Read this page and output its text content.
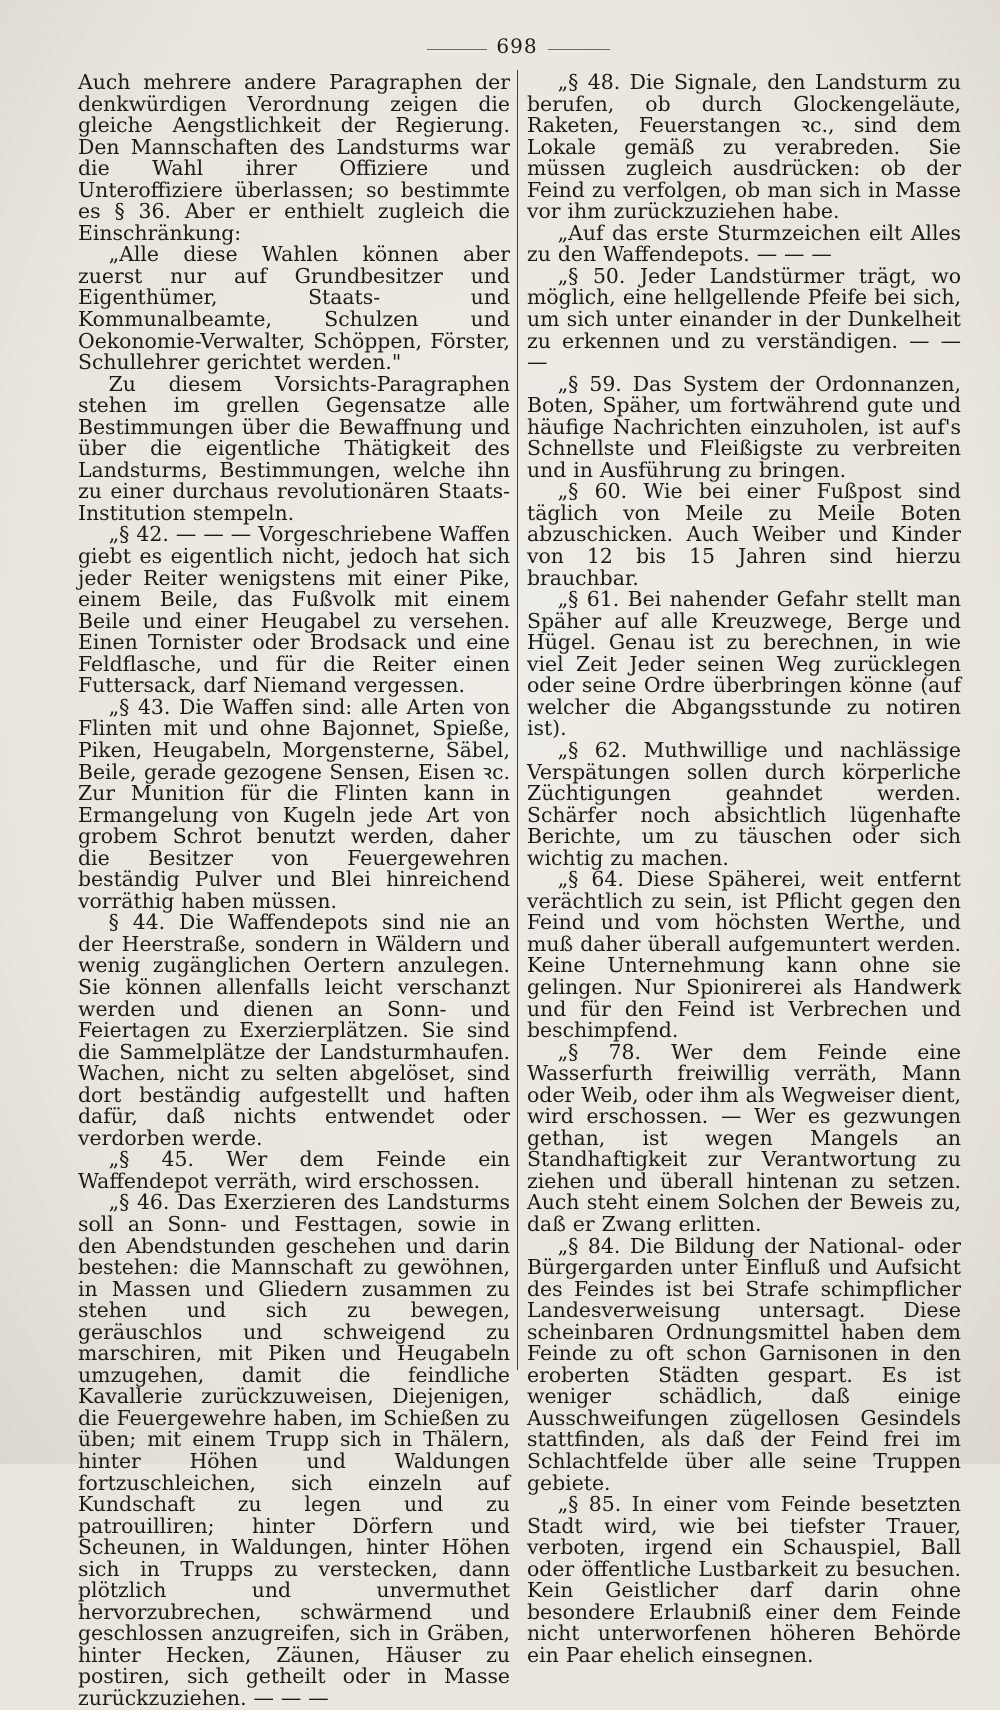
698

Auch mehrere andere Paragraphen der denkwürdigen Verordnung zeigen die gleiche Aengstlichkeit der Regierung. Den Mannschaften des Landsturms war die Wahl ihrer Offiziere und Unteroffiziere überlassen; so bestimmte es § 36. Aber er enthielt zugleich die Einschränkung:

„Alle diese Wahlen können aber zuerst nur auf Grundbesitzer und Eigenthümer, Staats- und Kommunalbeamte, Schulzen und Oekonomie-Verwalter, Schöppen, Förster, Schullehrer gerichtet werden."

Zu diesem Vorsichts-Paragraphen stehen im grellen Gegensatze alle Bestimmungen über die Bewaffnung und über die eigentliche Thätigkeit des Landsturms, Bestimmungen, welche ihn zu einer durchaus revolutionären Staats-Institution stempeln.

„§ 42. — — — Vorgeschriebene Waffen giebt es eigentlich nicht, jedoch hat sich jeder Reiter wenigstens mit einer Pike, einem Beile, das Fußvolk mit einem Beile und einer Heugabel zu versehen. Einen Tornister oder Brodsack und eine Feldflasche, und für die Reiter einen Futtersack, darf Niemand vergessen.

„§ 43. Die Waffen sind: alle Arten von Flinten mit und ohne Bajonnet, Spieße, Piken, Heugabeln, Morgensterne, Säbel, Beile, gerade gezogene Sensen, Eisen ꝛc. Zur Munition für die Flinten kann in Ermangelung von Kugeln jede Art von grobem Schrot benutzt werden, daher die Besitzer von Feuergewehren beständig Pulver und Blei hinreichend vorräthig haben müssen.

§ 44. Die Waffendepots sind nie an der Heerstraße, sondern in Wäldern und wenig zugänglichen Oertern anzulegen. Sie können allenfalls leicht verschanzt werden und dienen an Sonn- und Feiertagen zu Exerzierplätzen. Sie sind die Sammelplätze der Landsturmhaufen. Wachen, nicht zu selten abgelöset, sind dort beständig aufgestellt und haften dafür, daß nichts entwendet oder verdorben werde.

„§ 45. Wer dem Feinde ein Waffendepot verräth, wird erschossen.

„§ 46. Das Exerzieren des Landsturms soll an Sonn- und Festtagen, sowie in den Abendstunden geschehen und darin bestehen: die Mannschaft zu gewöhnen, in Massen und Gliedern zusammen zu stehen und sich zu bewegen, geräuschlos und schweigend zu marschiren, mit Piken und Heugabeln umzugehen, damit die feindliche Kavallerie zurückzuweisen, Diejenigen, die Feuergewehre haben, im Schießen zu üben; mit einem Trupp sich in Thälern, hinter Höhen und Waldungen fortzuschleichen, sich einzeln auf Kundschaft zu legen und zu patrouilliren; hinter Dörfern und Scheunen, in Waldungen, hinter Höhen sich in Trupps zu verstecken, dann plötzlich und unvermuthet hervorzubrechen, schwärmend und geschlossen anzugreifen, sich in Gräben, hinter Hecken, Zäunen, Häuser zu postiren, sich getheilt oder in Masse zurückzuziehen. — — —

„§ 48. Die Signale, den Landsturm zu berufen, ob durch Glockengeläute, Raketen, Feuerstangen ꝛc., sind dem Lokale gemäß zu verabreden. Sie müssen zugleich ausdrücken: ob der Feind zu verfolgen, ob man sich in Masse vor ihm zurückzuziehen habe.

„Auf das erste Sturmzeichen eilt Alles zu den Waffendepots. — — —

„§ 50. Jeder Landstürmer trägt, wo möglich, eine hellgellende Pfeife bei sich, um sich unter einander in der Dunkelheit zu erkennen und zu verständigen. — — —

„§ 59. Das System der Ordonnanzen, Boten, Späher, um fortwährend gute und häufige Nachrichten einzuholen, ist auf's Schnellste und Fleißigste zu verbreiten und in Ausführung zu bringen.

„§ 60. Wie bei einer Fußpost sind täglich von Meile zu Meile Boten abzuschicken. Auch Weiber und Kinder von 12 bis 15 Jahren sind hierzu brauchbar.

„§ 61. Bei nahender Gefahr stellt man Späher auf alle Kreuzwege, Berge und Hügel. Genau ist zu berechnen, in wie viel Zeit Jeder seinen Weg zurücklegen oder seine Ordre überbringen könne (auf welcher die Abgangsstunde zu notiren ist).

„§ 62. Muthwillige und nachlässige Verspätungen sollen durch körperliche Züchtigungen geahndet werden. Schärfer noch absichtlich lügenhafte Berichte, um zu täuschen oder sich wichtig zu machen.

„§ 64. Diese Späherei, weit entfernt verächtlich zu sein, ist Pflicht gegen den Feind und vom höchsten Werthe, und muß daher überall aufgemuntert werden. Keine Unternehmung kann ohne sie gelingen. Nur Spionirerei als Handwerk und für den Feind ist Verbrechen und beschimpfend.

„§ 78. Wer dem Feinde eine Wasserfurth freiwillig verräth, Mann oder Weib, oder ihm als Wegweiser dient, wird erschossen. — Wer es gezwungen gethan, ist wegen Mangels an Standhaftigkeit zur Verantwortung zu ziehen und überall hintenan zu setzen. Auch steht einem Solchen der Beweis zu, daß er Zwang erlitten.

„§ 84. Die Bildung der National- oder Bürgergarden unter Einfluß und Aufsicht des Feindes ist bei Strafe schimpflicher Landesverweisung untersagt. Diese scheinbaren Ordnungsmittel haben dem Feinde zu oft schon Garnisonen in den eroberten Städten gespart. Es ist weniger schädlich, daß einige Ausschweifungen zügellosen Gesindels stattfinden, als daß der Feind frei im Schlachtfelde über alle seine Truppen gebiete.

„§ 85. In einer vom Feinde besetzten Stadt wird, wie bei tiefster Trauer, verboten, irgend ein Schauspiel, Ball oder öffentliche Lustbarkeit zu besuchen. Kein Geistlicher darf darin ohne besondere Erlaubniß einer dem Feinde nicht unterworfenen höheren Behörde ein Paar ehelich einsegnen.
